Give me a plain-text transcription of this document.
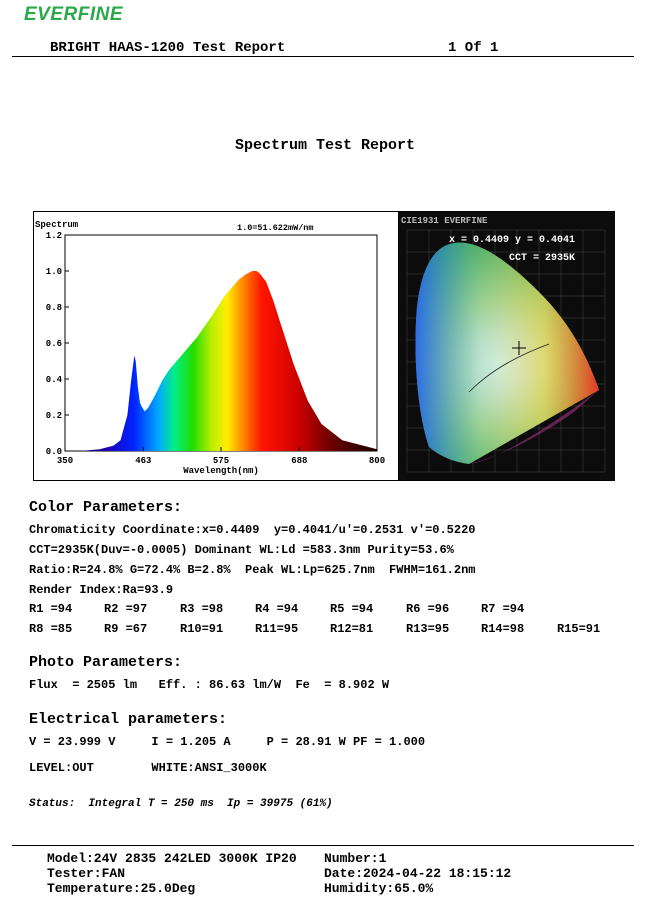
EVERFINE
BRIGHT HAAS-1200 Test Report	1 Of 1
Spectrum Test Report
Spectrum	1.0=51.622mW/nm
0.0
0.2
0.4
0.6
0.8
1.0
1.2
350	463	575	688	800
Wavelength(nm)
CIE1931 EVERFINE
x = 0.4409 y = 0.4041
CCT = 2935K
Color Parameters:
Chromaticity Coordinate:x=0.4409  y=0.4041/u'=0.2531 v'=0.5220
CCT=2935K(Duv=-0.0005) Dominant WL:Ld =583.3nm Purity=53.6%
Ratio:R=24.8% G=72.4% B=2.8%  Peak WL:Lp=625.7nm  FWHM=161.2nm
Render Index:Ra=93.9
R1 =94	R2 =97	R3 =98	R4 =94	R5 =94	R6 =96	R7 =94
R8 =85	R9 =67	R10=91	R11=95	R12=81	R13=95	R14=98	R15=91
Photo Parameters:
Flux  = 2505 lm   Eff. : 86.63 lm/W  Fe  = 8.902 W
Electrical parameters:
V = 23.999 V     I = 1.205 A     P = 28.91 W PF = 1.000
LEVEL:OUT        WHITE:ANSI_3000K
Status:  Integral T = 250 ms  Ip = 39975 (61%)
Model:24V 2835 242LED 3000K IP20 Number:1
Tester:FAN	Date:2024-04-22 18:15:12
Temperature:25.0Deg	Humidity:65.0%
